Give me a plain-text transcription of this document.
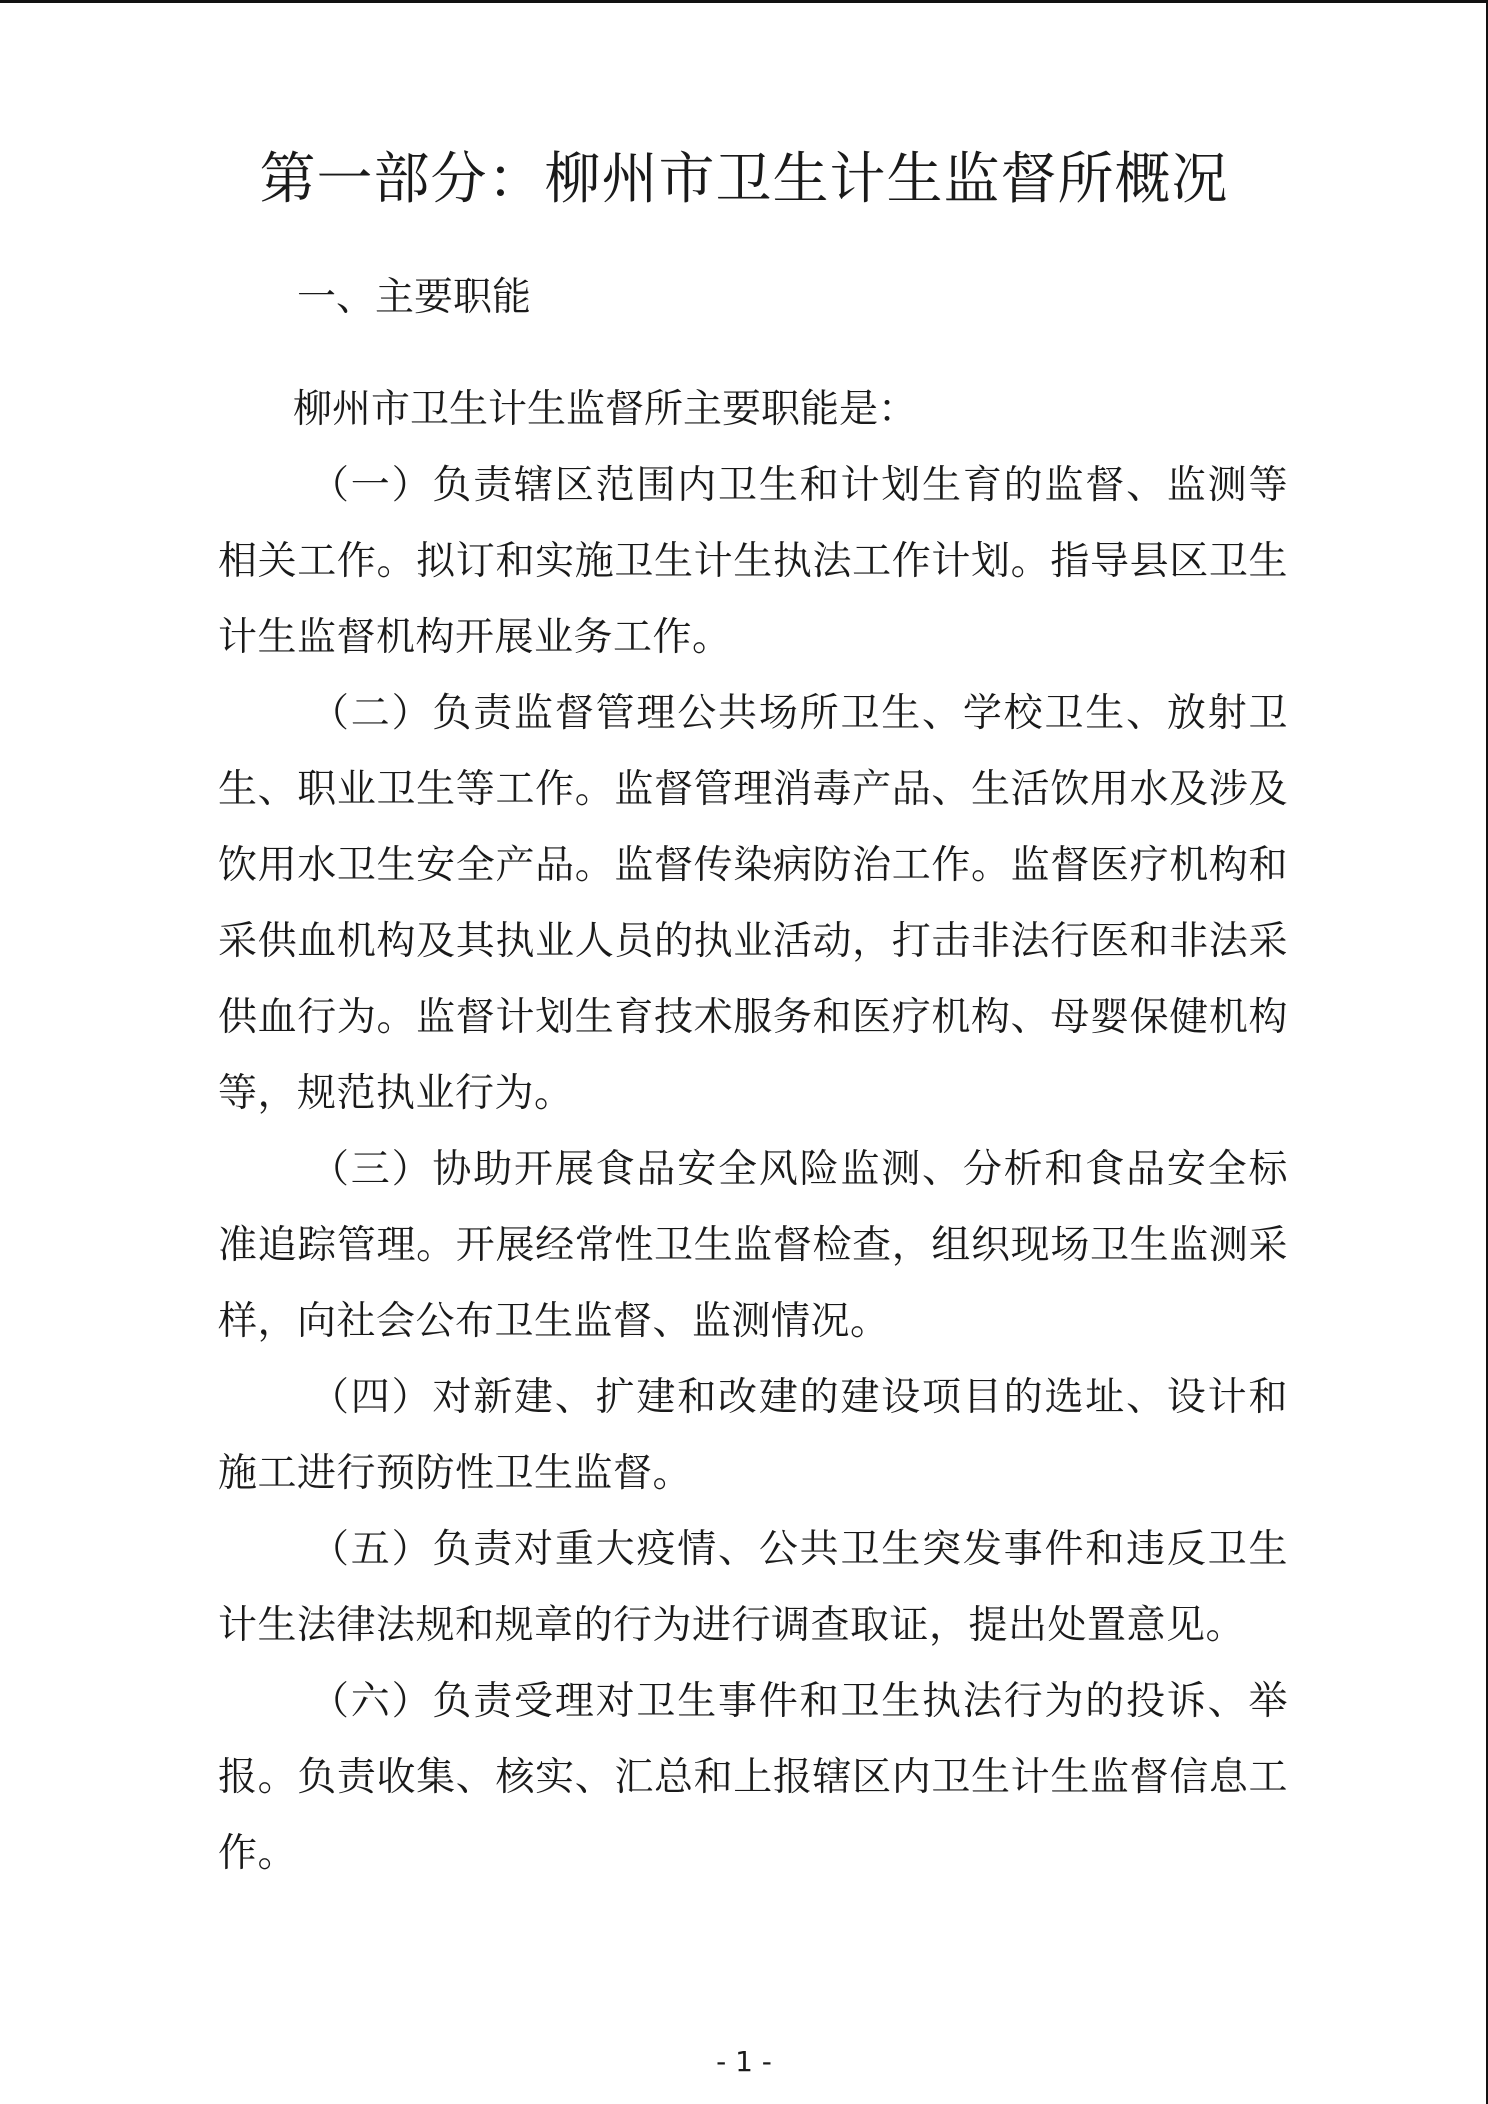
第一部分：柳州市卫生计生监督所概况
一、主要职能
柳州市卫生计生监督所主要职能是：

（一）负责辖区范围内卫生和计划生育的监督、监测等相关工作。拟订和实施卫生计生执法工作计划。指导县区卫生计生监督机构开展业务工作。

（二）负责监督管理公共场所卫生、学校卫生、放射卫生、职业卫生等工作。监督管理消毒产品、生活饮用水及涉及饮用水卫生安全产品。监督传染病防治工作。监督医疗机构和采供血机构及其执业人员的执业活动，打击非法行医和非法采供血行为。监督计划生育技术服务和医疗机构、母婴保健机构等，规范执业行为。

（三）协助开展食品安全风险监测、分析和食品安全标准追踪管理。开展经常性卫生监督检查，组织现场卫生监测采样，向社会公布卫生监督、监测情况。

（四）对新建、扩建和改建的建设项目的选址、设计和施工进行预防性卫生监督。

（五）负责对重大疫情、公共卫生突发事件和违反卫生计生法律法规和规章的行为进行调查取证，提出处置意见。

（六）负责受理对卫生事件和卫生执法行为的投诉、举报。负责收集、核实、汇总和上报辖区内卫生计生监督信息工作。

- 1 -
